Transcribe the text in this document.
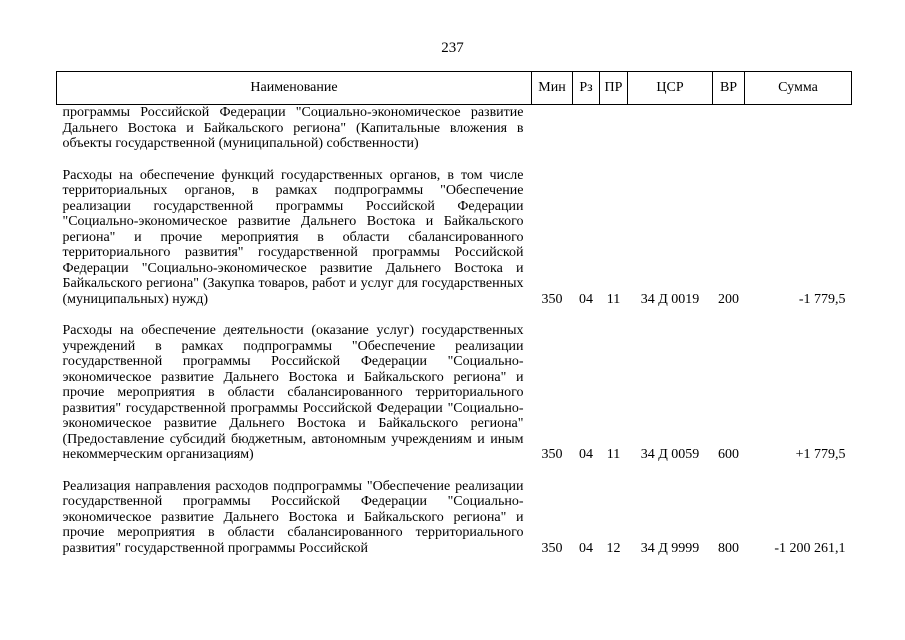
237
Наименование	Мин	Рз	ПР	ЦСР	ВР	Сумма
программы Российской Федерации "Социально-экономическое развитие Дальнего Востока и Байкальского региона" (Капитальные вложения в объекты государственной (муниципальной) собственности)						

Расходы на обеспечение функций государственных органов, в том числе территориальных органов, в рамках подпрограммы "Обеспечение реализации государственной программы Российской Федерации "Социально-экономическое развитие Дальнего Востока и Байкальского региона" и прочие мероприятия в области сбалансированного территориального развития" государственной программы Российской Федерации "Социально-экономическое развитие Дальнего Востока и Байкальского региона" (Закупка товаров, работ и услуг для государственных (муниципальных) нужд)	350	04	11	34 Д 0019	200	-1 779,5

Расходы на обеспечение деятельности (оказание услуг) государственных учреждений в рамках подпрограммы "Обеспечение реализации государственной программы Российской Федерации "Социально-экономическое развитие Дальнего Востока и Байкальского региона" и прочие мероприятия в области сбалансированного территориального развития" государственной программы Российской Федерации "Социально-экономическое развитие Дальнего Востока и Байкальского региона" (Предоставление субсидий бюджетным, автономным учреждениям и иным некоммерческим организациям)	350	04	11	34 Д 0059	600	+1 779,5

Реализация направления расходов подпрограммы "Обеспечение реализации государственной программы Российской Федерации "Социально-экономическое развитие Дальнего Востока и Байкальского региона" и прочие мероприятия в области сбалансированного территориального развития" государственной программы Российской	350	04	12	34 Д 9999	800	-1 200 261,1
